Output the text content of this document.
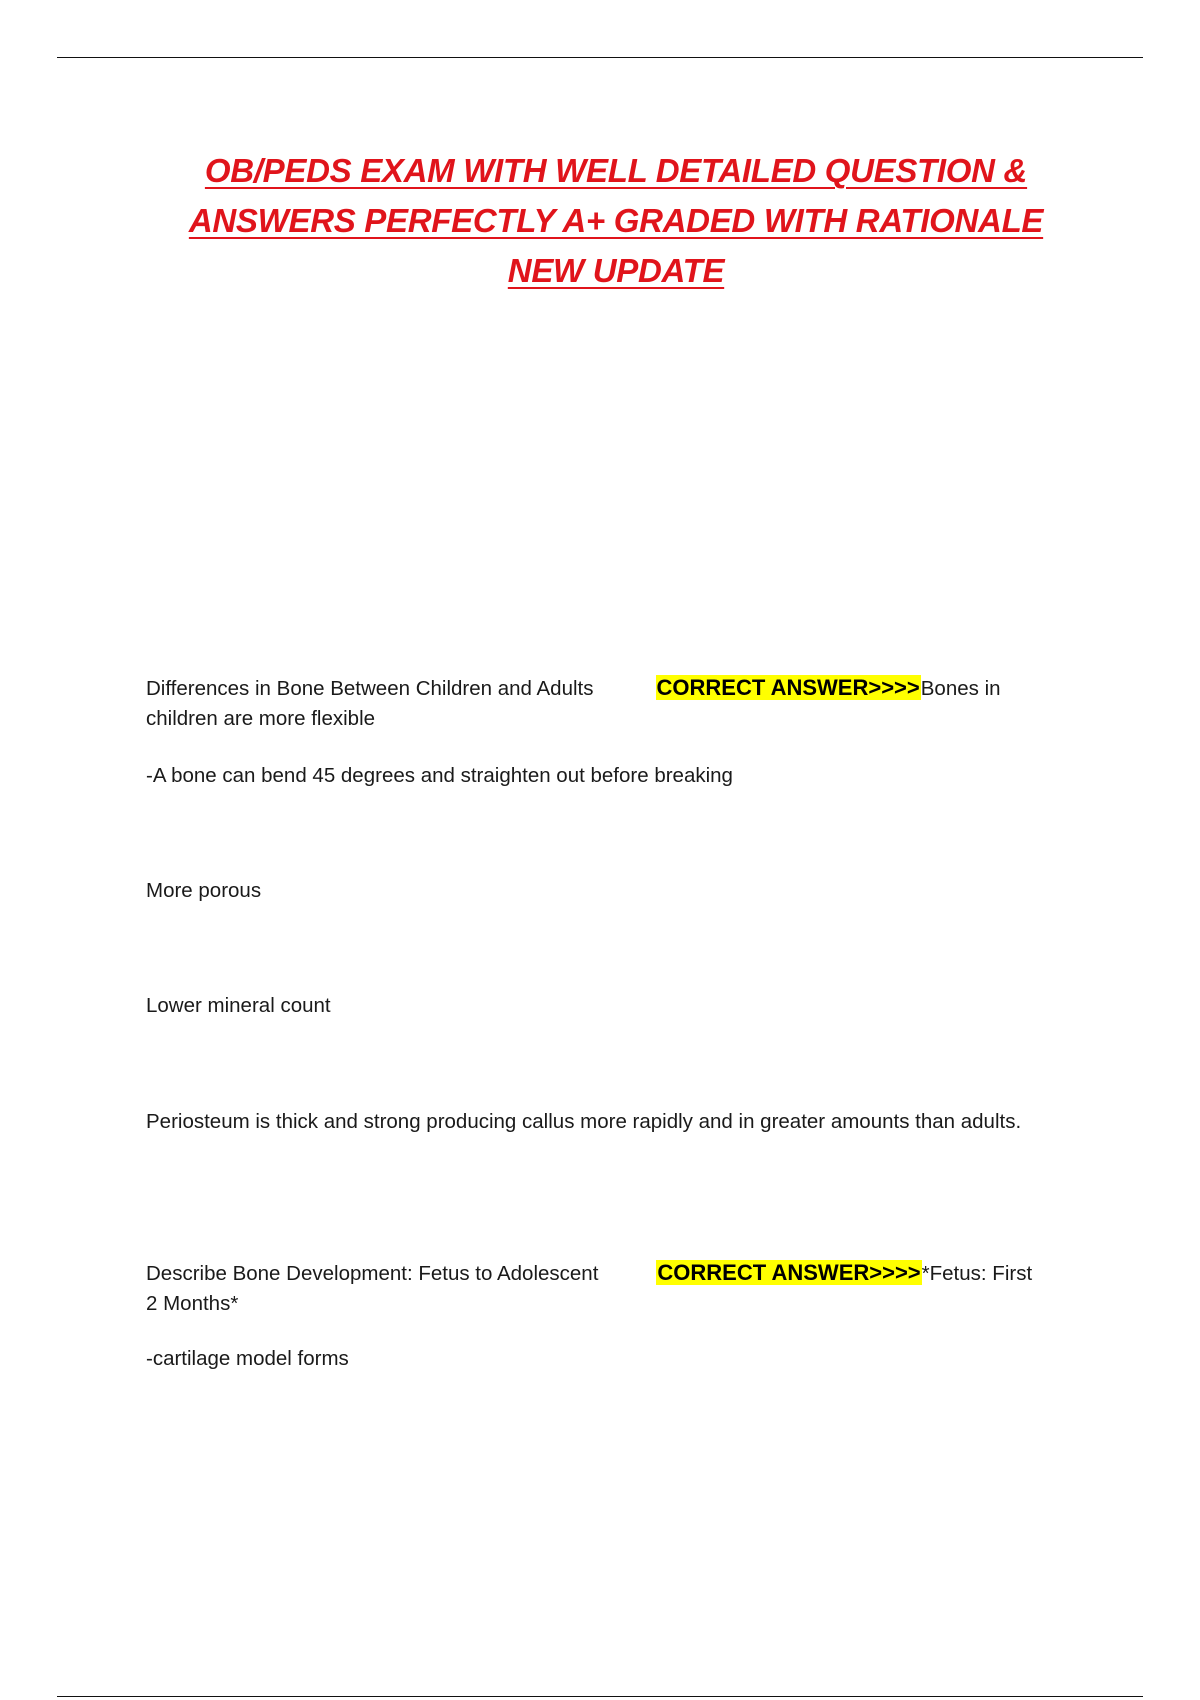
OB/PEDS EXAM WITH WELL DETAILED QUESTION & ANSWERS PERFECTLY A+ GRADED WITH RATIONALE NEW UPDATE
Differences in Bone Between Children and Adults	CORRECT ANSWER>>>>Bones in
children are more flexible
-A bone can bend 45 degrees and straighten out before breaking
More porous
Lower mineral count
Periosteum is thick and strong producing callus more rapidly and in greater amounts than adults.
Describe Bone Development: Fetus to Adolescent	CORRECT ANSWER>>>>*Fetus: First
2 Months*
-cartilage model forms
